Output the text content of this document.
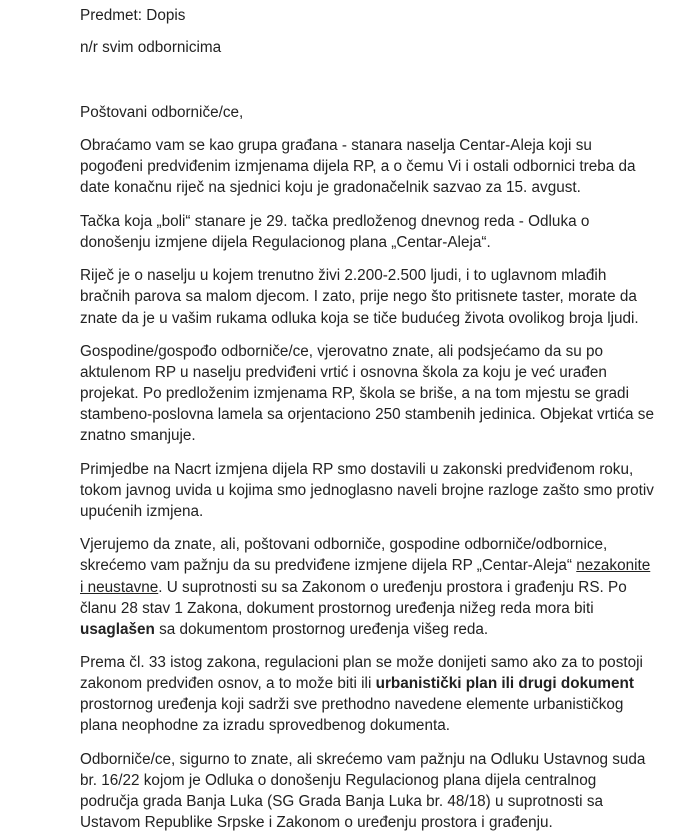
Predmet: Dopis
n/r svim odbornicima
Poštovani odborniče/ce,
Obraćamo vam se kao grupa građana - stanara naselja Centar-Aleja koji su
pogođeni predviđenim izmjenama dijela RP, a o čemu Vi i ostali odbornici treba da
date konačnu riječ na sjednici koju je gradonačelnik sazvao za 15. avgust.
Tačka koja „boli“ stanare je 29. tačka predloženog dnevnog reda - Odluka o
donošenju izmjene dijela Regulacionog plana „Centar-Aleja“.
Riječ je o naselju u kojem trenutno živi 2.200-2.500 ljudi, i to uglavnom mlađih
bračnih parova sa malom djecom. I zato, prije nego što pritisnete taster, morate da
znate da je u vašim rukama odluka koja se tiče budućeg života ovolikog broja ljudi.
Gospodine/gospođo odborniče/ce, vjerovatno znate, ali podsjećamo da su po
aktulenom RP u naselju predviđeni vrtić i osnovna škola za koju je već urađen
projekat. Po predloženim izmjenama RP, škola se briše, a na tom mjestu se gradi
stambeno-poslovna lamela sa orjentaciono 250 stambenih jedinica. Objekat vrtića se
znatno smanjuje.
Primjedbe na Nacrt izmjena dijela RP smo dostavili u zakonski predviđenom roku,
tokom javnog uvida u kojima smo jednoglasno naveli brojne razloge zašto smo protiv
upućenih izmjena.
Vjerujemo da znate, ali, poštovani odborniče, gospodine odborniče/odbornice,
skrećemo vam pažnju da su predviđene izmjene dijela RP „Centar-Aleja“ nezakonite
i neustavne. U suprotnosti su sa Zakonom o uređenju prostora i građenju RS. Po
članu 28 stav 1 Zakona, dokument prostornog uređenja nižeg reda mora biti
usaglašen sa dokumentom prostornog uređenja višeg reda.
Prema čl. 33 istog zakona, regulacioni plan se može donijeti samo ako za to postoji
zakonom predviđen osnov, a to može biti ili urbanistički plan ili drugi dokument
prostornog uređenja koji sadrži sve prethodno navedene elemente urbanističkog
plana neophodne za izradu sprovedbenog dokumenta.
Odborniče/ce, sigurno to znate, ali skrećemo vam pažnju na Odluku Ustavnog suda
br. 16/22 kojom je Odluka o donošenju Regulacionog plana dijela centralnog
područja grada Banja Luka (SG Grada Banja Luka br. 48/18) u suprotnosti sa
Ustavom Republike Srpske i Zakonom o uređenju prostora i građenju.
